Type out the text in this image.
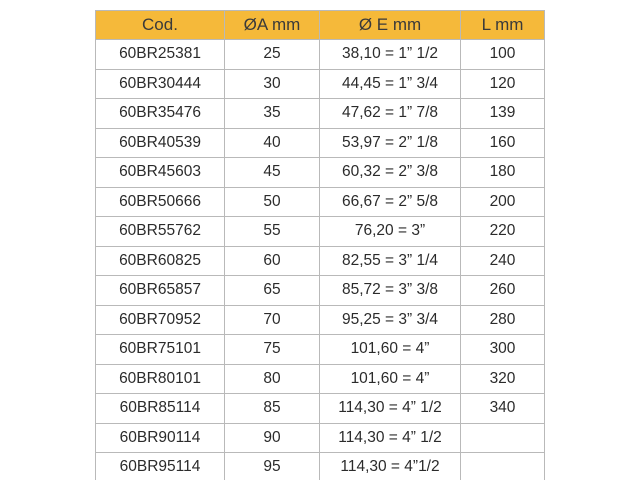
Cod.	ØA mm	Ø E mm	L mm
60BR25381	25	38,10 = 1” 1/2	100
60BR30444	30	44,45 = 1” 3/4	120
60BR35476	35	47,62 = 1” 7/8	139
60BR40539	40	53,97 = 2” 1/8	160
60BR45603	45	60,32 = 2” 3/8	180
60BR50666	50	66,67 = 2” 5/8	200
60BR55762	55	76,20 = 3”	220
60BR60825	60	82,55 = 3” 1/4	240
60BR65857	65	85,72 = 3” 3/8	260
60BR70952	70	95,25 = 3” 3/4	280
60BR75101	75	101,60 = 4”	300
60BR80101	80	101,60 = 4”	320
60BR85114	85	114,30 = 4” 1/2	340
60BR90114	90	114,30 = 4” 1/2	
60BR95114	95	114,30 = 4”1/2	
